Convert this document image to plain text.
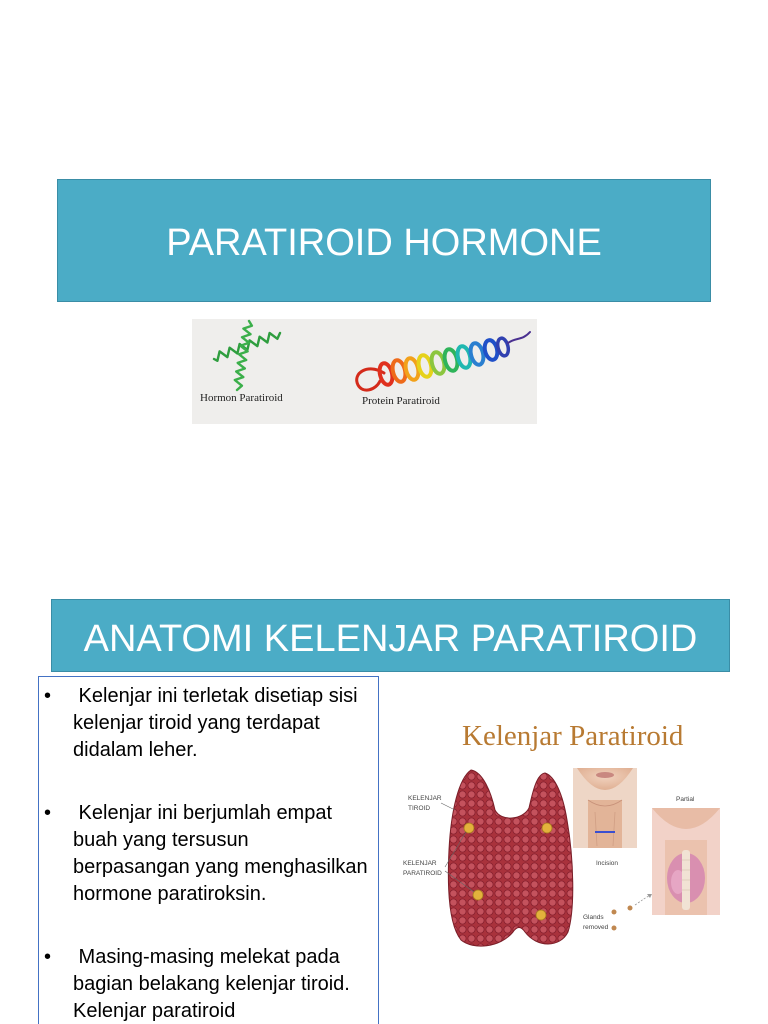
PARATIROID HORMONE
Hormon Paratiroid	Protein Paratiroid
ANATOMI KELENJAR PARATIROID
• Kelenjar ini terletak disetiap sisi
kelenjar tiroid yang terdapat
didalam leher.
• Kelenjar ini berjumlah empat
buah yang tersusun
berpasangan yang menghasilkan
hormone paratiroksin.
• Masing-masing melekat pada
bagian belakang kelenjar tiroid.
Kelenjar paratiroid
Kelenjar Paratiroid
KELENJAR
TIROID
KELENJAR
PARATIROID
Incision
Partial
Glands
removed
